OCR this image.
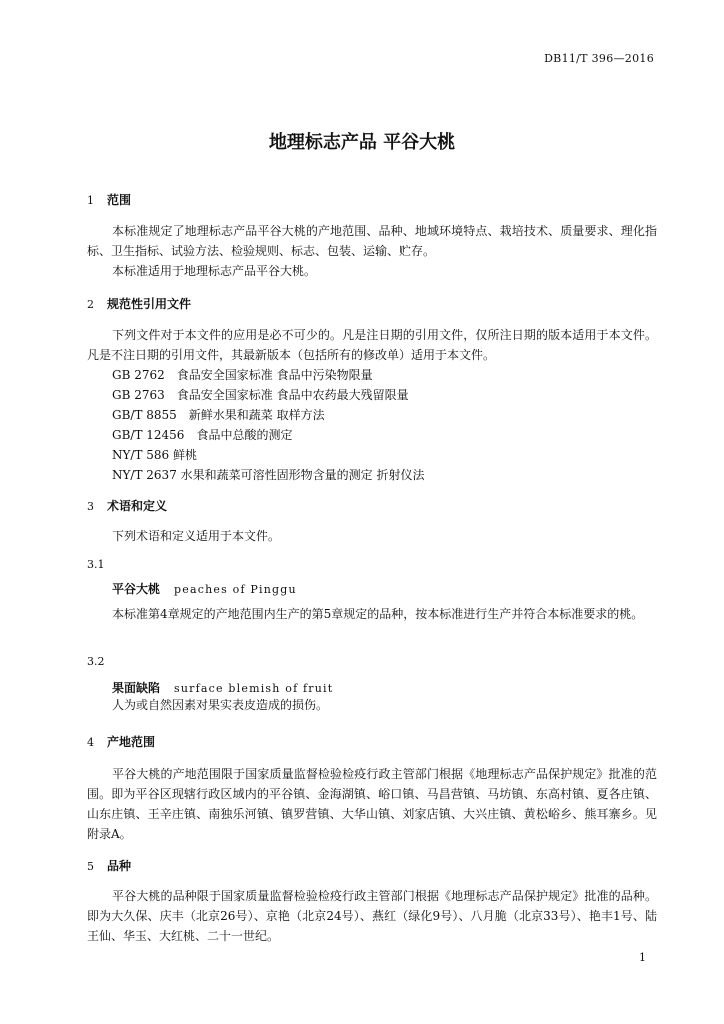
DB11/T 396—2016
地理标志产品 平谷大桃
1 范围
本标准规定了地理标志产品平谷大桃的产地范围、品种、地域环境特点、栽培技术、质量要求、理化指标、卫生指标、试验方法、检验规则、标志、包装、运输、贮存。
本标准适用于地理标志产品平谷大桃。
2 规范性引用文件
下列文件对于本文件的应用是必不可少的。凡是注日期的引用文件，仅所注日期的版本适用于本文件。凡是不注日期的引用文件，其最新版本（包括所有的修改单）适用于本文件。
GB 2762　食品安全国家标准 食品中污染物限量
GB 2763　食品安全国家标准 食品中农药最大残留限量
GB/T 8855　新鲜水果和蔬菜 取样方法
GB/T 12456　食品中总酸的测定
NY/T 586 鲜桃
NY/T 2637 水果和蔬菜可溶性固形物含量的测定 折射仪法
3 术语和定义
下列术语和定义适用于本文件。
3.1
平谷大桃 peaches of Pinggu
本标准第4章规定的产地范围内生产的第5章规定的品种，按本标准进行生产并符合本标准要求的桃。
3.2
果面缺陷 surface blemish of fruit
人为或自然因素对果实表皮造成的损伤。
4 产地范围
平谷大桃的产地范围限于国家质量监督检验检疫行政主管部门根据《地理标志产品保护规定》批准的范围。即为平谷区现辖行政区域内的平谷镇、金海湖镇、峪口镇、马昌营镇、马坊镇、东高村镇、夏各庄镇、山东庄镇、王辛庄镇、南独乐河镇、镇罗营镇、大华山镇、刘家店镇、大兴庄镇、黄松峪乡、熊耳寨乡。见附录A。
5 品种
平谷大桃的品种限于国家质量监督检验检疫行政主管部门根据《地理标志产品保护规定》批准的品种。即为大久保、庆丰（北京26号）、京艳（北京24号）、燕红（绿化9号）、八月脆（北京33号）、艳丰1号、陆王仙、华玉、大红桃、二十一世纪。
1
